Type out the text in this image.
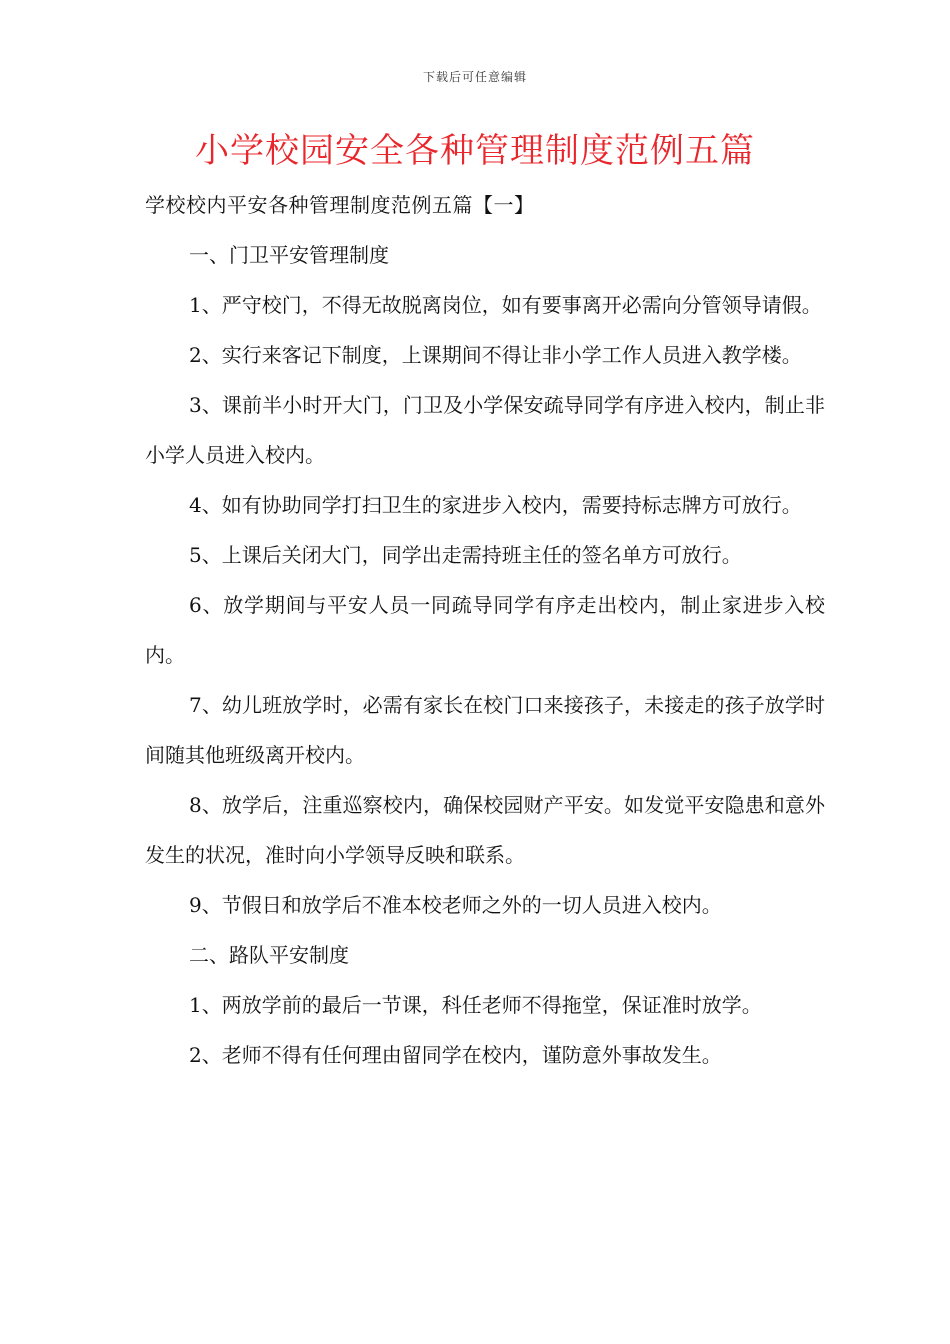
下载后可任意编辑
小学校园安全各种管理制度范例五篇

学校校内平安各种管理制度范例五篇【一】

一、门卫平安管理制度

1、严守校门，不得无故脱离岗位，如有要事离开必需向分管领导请假。

2、实行来客记下制度，上课期间不得让非小学工作人员进入教学楼。

3、课前半小时开大门，门卫及小学保安疏导同学有序进入校内，制止非小学人员进入校内。

4、如有协助同学打扫卫生的家进步入校内，需要持标志牌方可放行。

5、上课后关闭大门，同学出走需持班主任的签名单方可放行。

6、放学期间与平安人员一同疏导同学有序走出校内，制止家进步入校内。

7、幼儿班放学时，必需有家长在校门口来接孩子，未接走的孩子放学时间随其他班级离开校内。

8、放学后，注重巡察校内，确保校园财产平安。如发觉平安隐患和意外发生的状况，准时向小学领导反映和联系。

9、节假日和放学后不准本校老师之外的一切人员进入校内。

二、路队平安制度

1、两放学前的最后一节课，科任老师不得拖堂，保证准时放学。

2、老师不得有任何理由留同学在校内，谨防意外事故发生。
